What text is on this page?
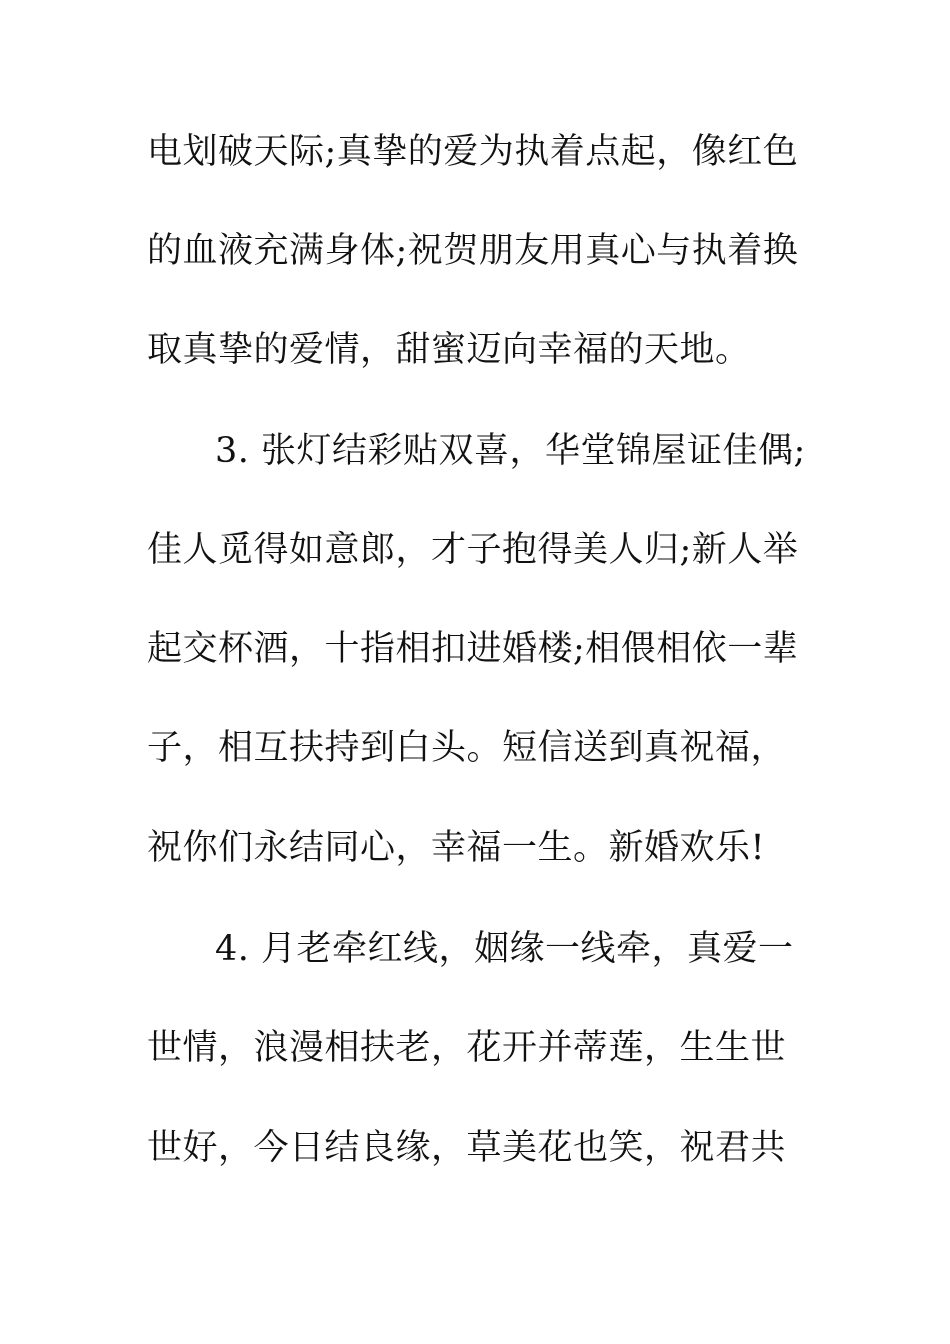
电划破天际;真挚的爱为执着点起，像红色
的血液充满身体;祝贺朋友用真心与执着换
取真挚的爱情，甜蜜迈向幸福的天地。
3. 张灯结彩贴双喜，华堂锦屋证佳偶;
佳人觅得如意郎，才子抱得美人归;新人举
起交杯酒，十指相扣进婚楼;相偎相依一辈
子，相互扶持到白头。短信送到真祝福，
祝你们永结同心，幸福一生。新婚欢乐!
4. 月老牵红线，姻缘一线牵，真爱一
世情，浪漫相扶老，花开并蒂莲，生生世
世好，今日结良缘，草美花也笑，祝君共
